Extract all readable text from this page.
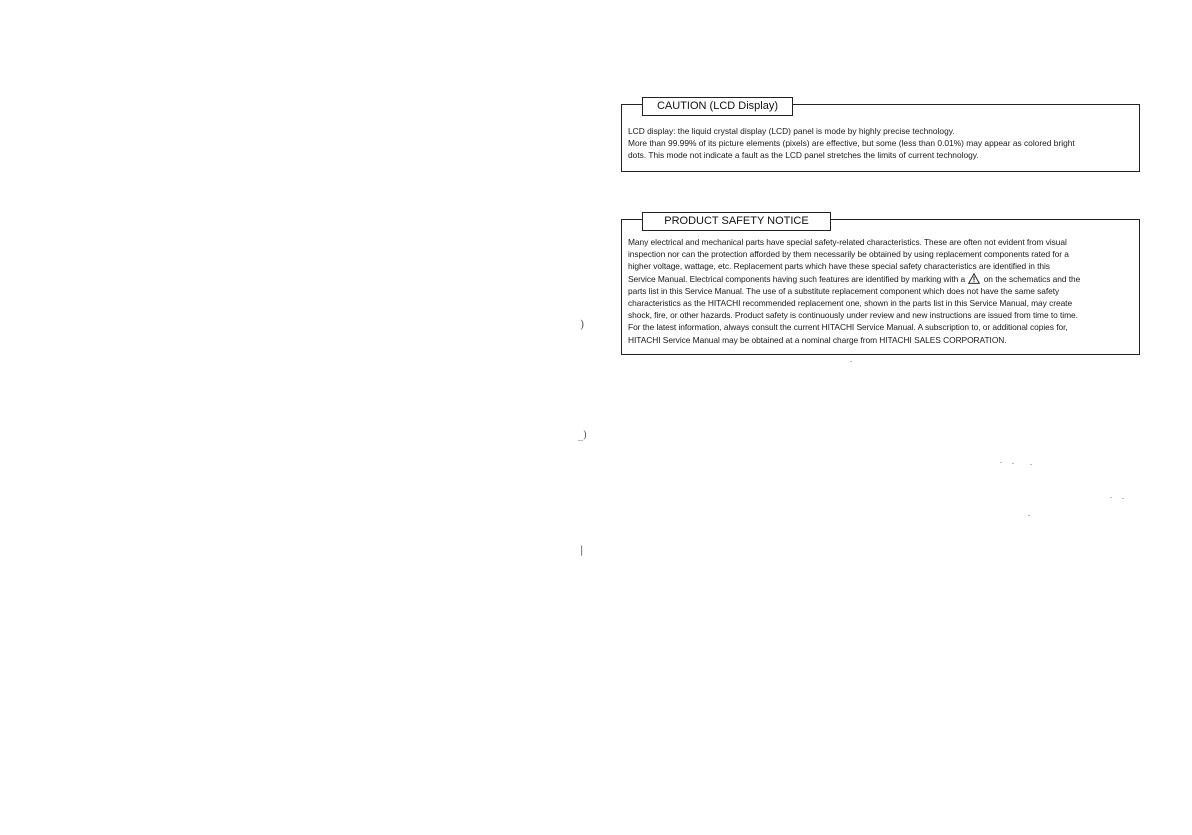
)
_)
|
CAUTION (LCD Display)
LCD display: the liquid crystal display (LCD) panel is mode by highly precise technology.
More than 99.99% of its picture elements (pixels) are effective, but some (less than 0.01%) may appear as colored bright
dots. This mode not indicate a fault as the LCD panel stretches the limits of current technology.
PRODUCT SAFETY NOTICE
Many electrical and mechanical parts have special safety-related characteristics. These are often not evident from visual
inspection nor can the protection afforded by them necessarily be obtained by using replacement components rated for a
higher voltage, wattage, etc. Replacement parts which have these special safety characteristics are identified in this
Service Manual. Electrical components having such features are identified by marking with a on the schematics and the
parts list in this Service Manual. The use of a substitute replacement component which does not have the same safety
characteristics as the HITACHI recommended replacement one, shown in the parts list in this Service Manual, may create
shock, fire, or other hazards. Product safety is continuously under review and new instructions are issued from time to time.
For the latest information, always consult the current HITACHI Service Manual. A subscription to, or additional copies for,
HITACHI Service Manual may be obtained at a nominal charge from HITACHI SALES CORPORATION.
